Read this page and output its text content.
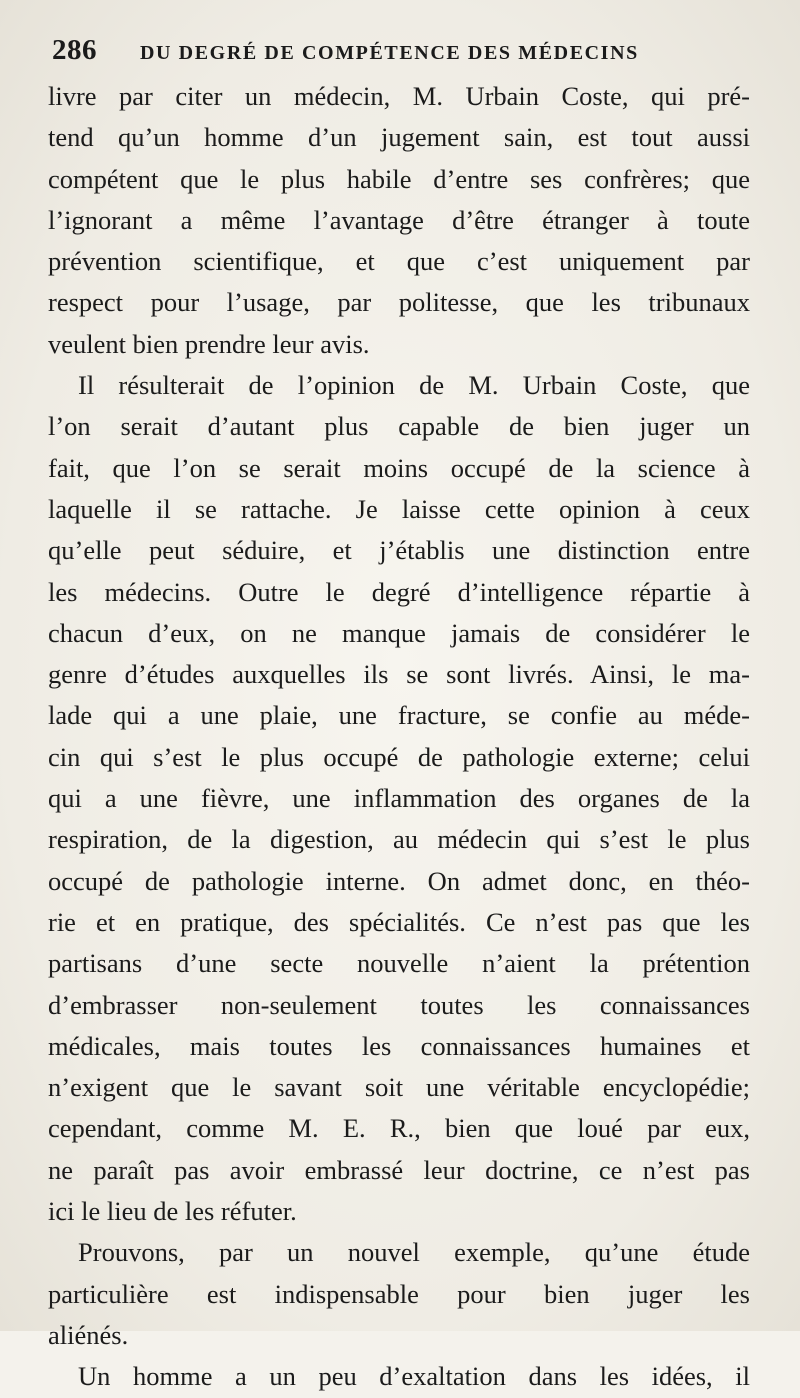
286	DU DEGRÉ DE COMPÉTENCE DES MÉDECINS
livre par citer un médecin, M. Urbain Coste, qui pré-
tend qu’un homme d’un jugement sain, est tout aussi
compétent que le plus habile d’entre ses confrères; que
l’ignorant a même l’avantage d’être étranger à toute
prévention scientifique, et que c’est uniquement par
respect pour l’usage, par politesse, que les tribunaux
veulent bien prendre leur avis.
Il résulterait de l’opinion de M. Urbain Coste, que
l’on serait d’autant plus capable de bien juger un
fait, que l’on se serait moins occupé de la science à
laquelle il se rattache. Je laisse cette opinion à ceux
qu’elle peut séduire, et j’établis une distinction entre
les médecins. Outre le degré d’intelligence répartie à
chacun d’eux, on ne manque jamais de considérer le
genre d’études auxquelles ils se sont livrés. Ainsi, le ma-
lade qui a une plaie, une fracture, se confie au méde-
cin qui s’est le plus occupé de pathologie externe; celui
qui a une fièvre, une inflammation des organes de la
respiration, de la digestion, au médecin qui s’est le plus
occupé de pathologie interne. On admet donc, en théo-
rie et en pratique, des spécialités. Ce n’est pas que les
partisans d’une secte nouvelle n’aient la prétention
d’embrasser non-seulement toutes les connaissances
médicales, mais toutes les connaissances humaines et
n’exigent que le savant soit une véritable encyclopédie;
cependant, comme M. E. R., bien que loué par eux,
ne paraît pas avoir embrassé leur doctrine, ce n’est pas
ici le lieu de les réfuter.
Prouvons, par un nouvel exemple, qu’une étude
particulière est indispensable pour bien juger les
aliénés.
Un homme a un peu d’exaltation dans les idées, il
